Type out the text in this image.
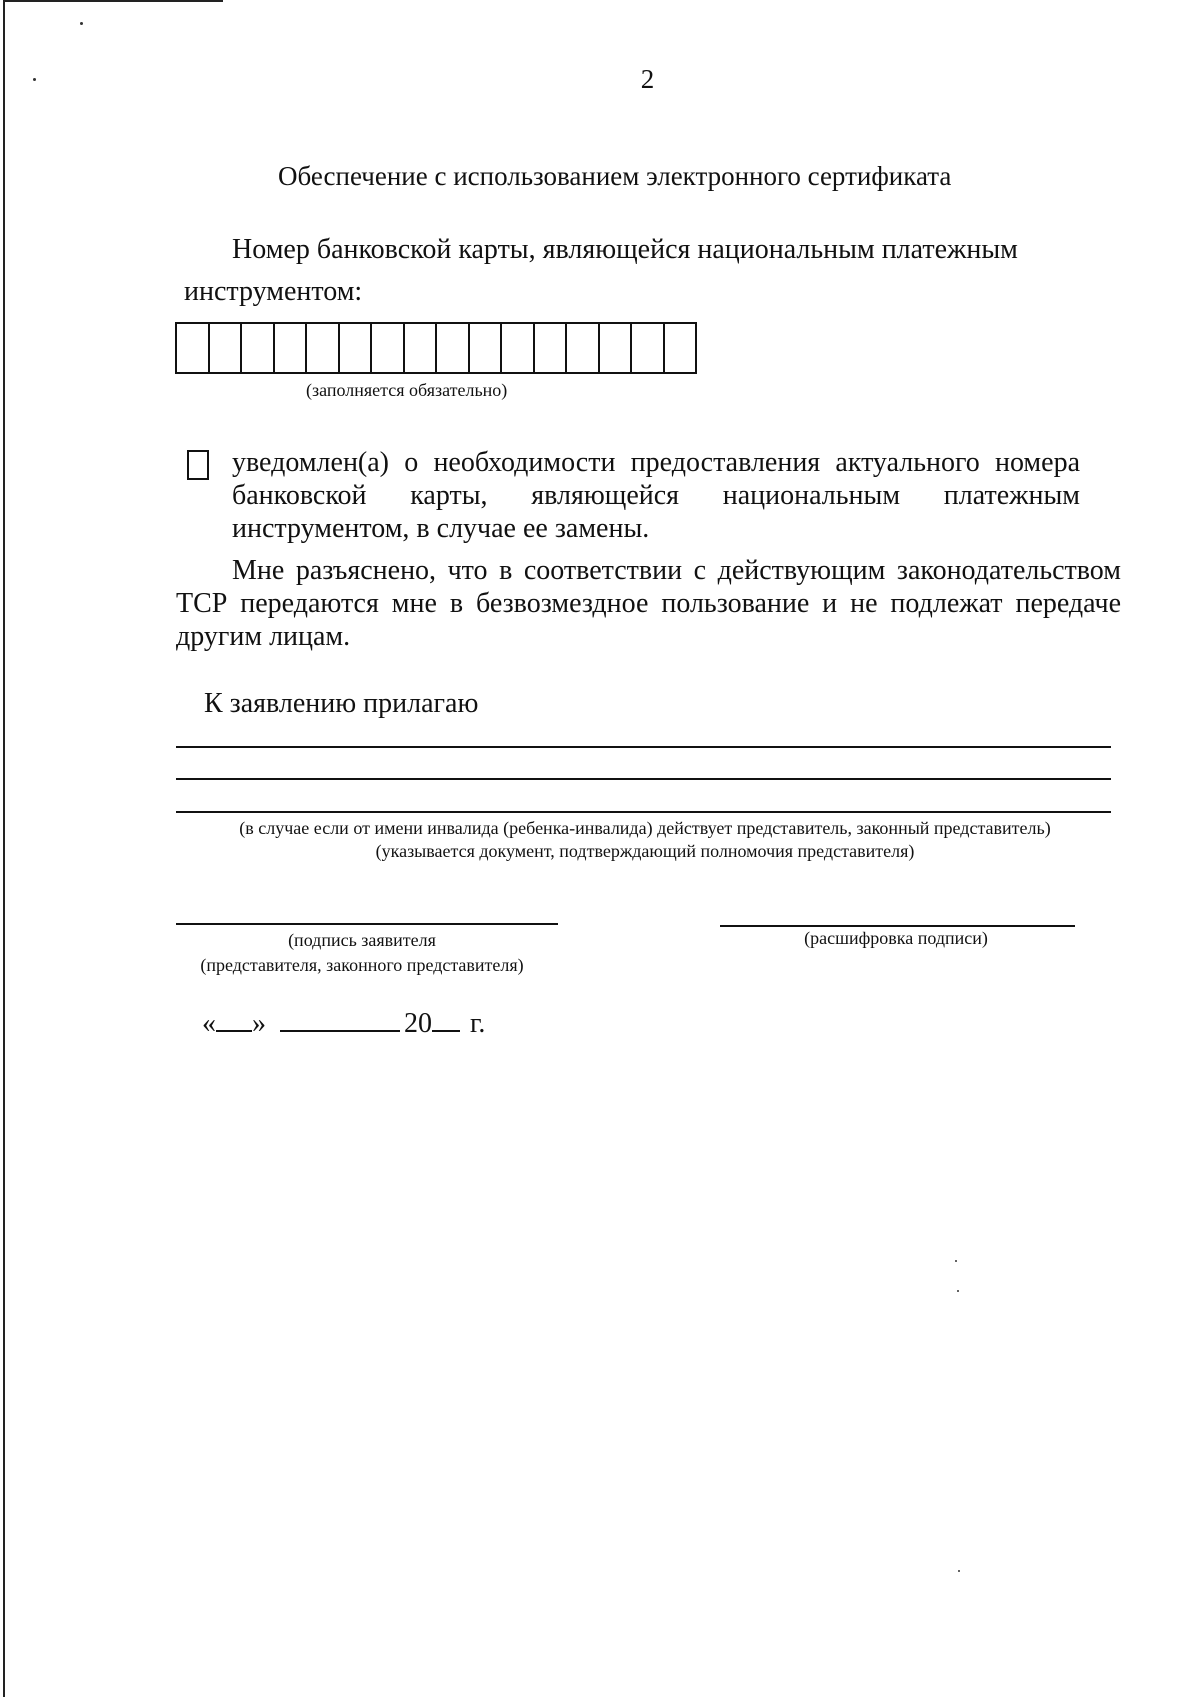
2
Обеспечение с использованием электронного сертификата
Номер банковской карты, являющейся национальным платежным
инструментом:
(заполняется обязательно)
уведомлен(а) о необходимости предоставления актуального номера банковской карты, являющейся национальным платежным инструментом, в случае ее замены.
Мне разъяснено, что в соответствии с действующим законодательством ТСР передаются мне в безвозмездное пользование и не подлежат передаче другим лицам.
К заявлению прилагаю
(в случае если от имени инвалида (ребенка-инвалида) действует представитель, законный представитель)
(указывается документ, подтверждающий полномочия представителя)
(подпись заявителя
(представителя, законного представителя)
(расшифровка подписи)
« »	20 г.
